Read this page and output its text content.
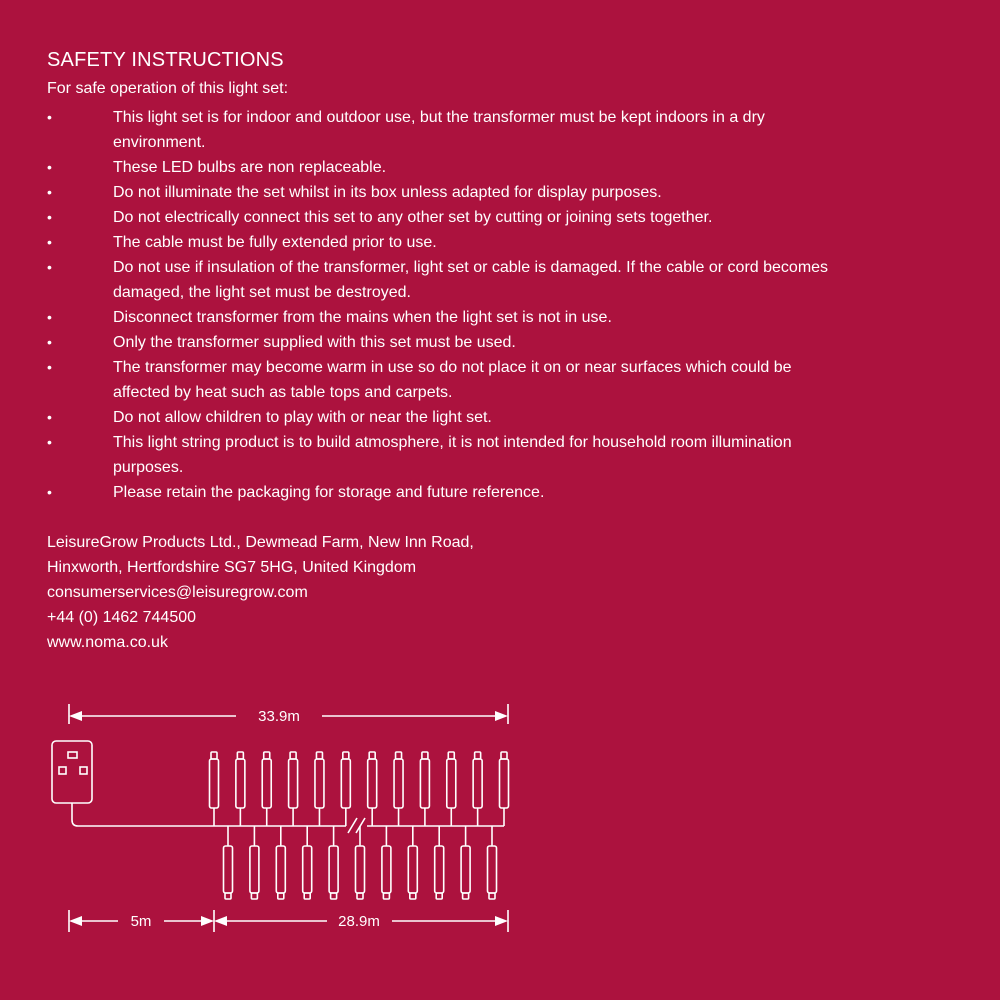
SAFETY INSTRUCTIONS

For safe operation of this light set:

•	This light set is for indoor and outdoor use, but the transformer must be kept indoors in a dry environment.
•	These LED bulbs are non replaceable.
•	Do not illuminate the set whilst in its box unless adapted for display purposes.
•	Do not electrically connect this set to any other set by cutting or joining sets together.
•	The cable must be fully extended prior to use.
•	Do not use if insulation of the transformer, light set or cable is damaged. If the cable or cord becomes damaged, the light set must be destroyed.
•	Disconnect transformer from the mains when the light set is not in use.
•	Only the transformer supplied with this set must be used.
•	The transformer may become warm in use so do not place it on or near surfaces which could be affected by heat such as table tops and carpets.
•	Do not allow children to play with or near the light set.
•	This light string product is to build atmosphere, it is not intended for household room illumination purposes.
•	Please retain the packaging for storage and future reference.
LeisureGrow Products Ltd., Dewmead Farm, New Inn Road,
Hinxworth, Hertfordshire SG7 5HG, United Kingdom
consumerservices@leisuregrow.com
+44 (0) 1462 744500
www.noma.co.uk
33.9m
5m	28.9m
